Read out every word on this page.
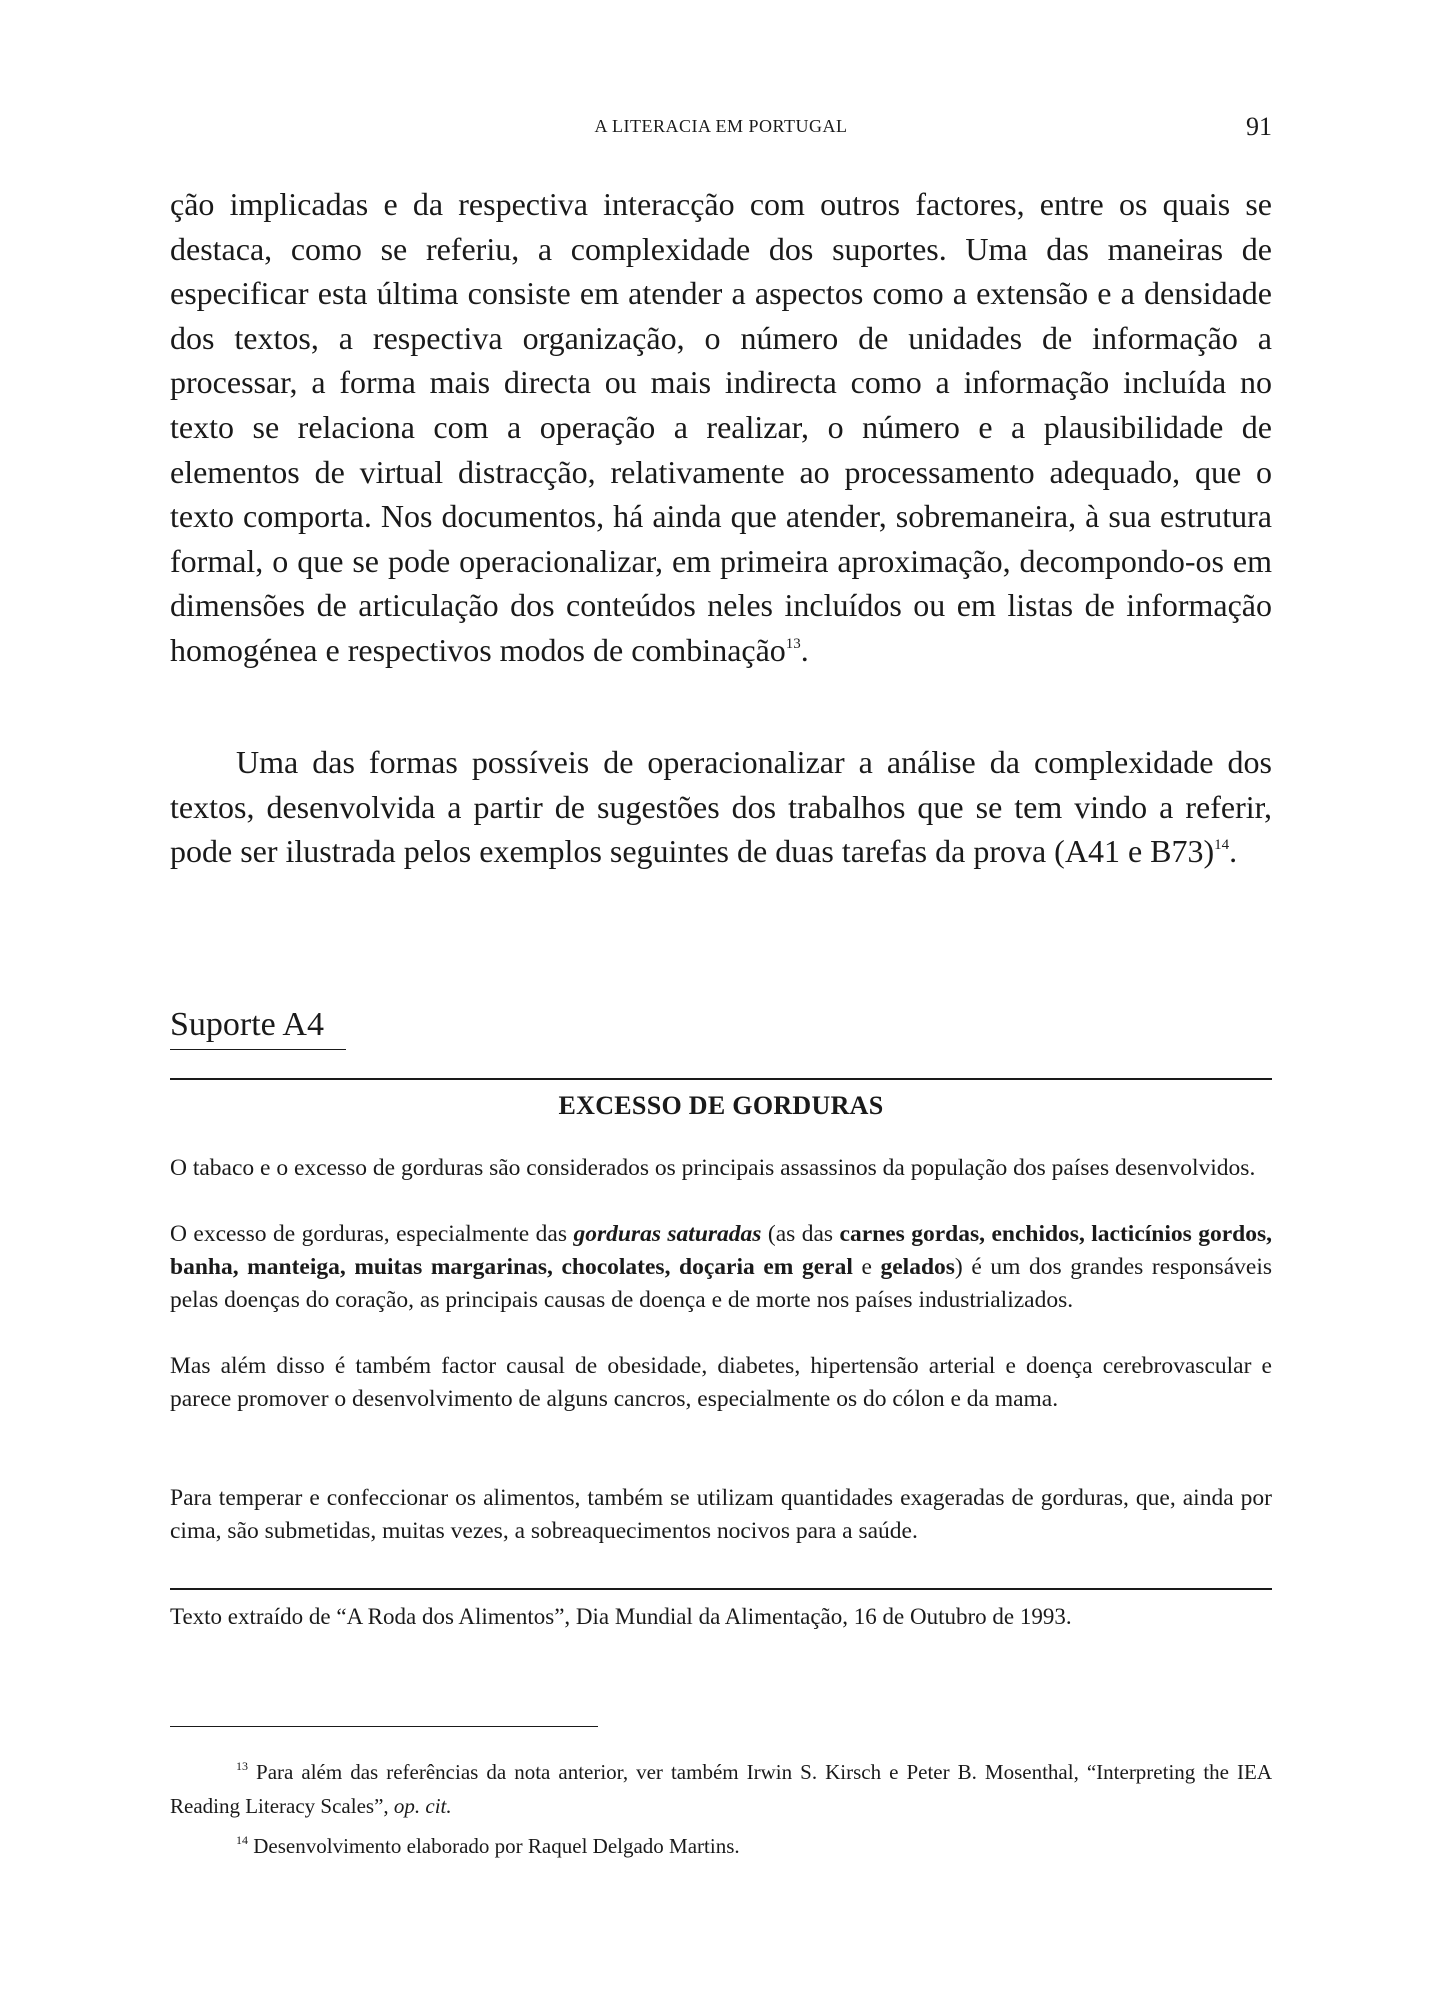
A LITERACIA EM PORTUGAL	91

ção implicadas e da respectiva interacção com outros factores, entre os quais se destaca, como se referiu, a complexidade dos suportes. Uma das maneiras de especificar esta última consiste em atender a aspectos como a extensão e a densidade dos textos, a respectiva organização, o número de unidades de informação a processar, a forma mais directa ou mais indirecta como a informação incluída no texto se relaciona com a operação a realizar, o número e a plausibilidade de elementos de virtual distracção, relativamente ao processamento adequado, que o texto comporta. Nos documentos, há ainda que atender, sobremaneira, à sua estrutura formal, o que se pode operacionalizar, em primeira aproximação, decompondo-os em dimensões de articulação dos conteúdos neles incluídos ou em listas de informação homogénea e respectivos modos de combinação$^{13}$.

Uma das formas possíveis de operacionalizar a análise da complexidade dos textos, desenvolvida a partir de sugestões dos trabalhos que se tem vindo a referir, pode ser ilustrada pelos exemplos seguintes de duas tarefas da prova (A41 e B73)$^{14}$.

Suporte A4
EXCESSO DE GORDURAS

O tabaco e o excesso de gorduras são considerados os principais assassinos da população dos países desenvolvidos.

O excesso de gorduras, especialmente das gorduras saturadas (as das carnes gordas, enchidos, lacticínios gordos, banha, manteiga, muitas margarinas, chocolates, doçaria em geral e gelados) é um dos grandes responsáveis pelas doenças do coração, as principais causas de doença e de morte nos países industrializados.

Mas além disso é também factor causal de obesidade, diabetes, hipertensão arterial e doença cerebrovascular e parece promover o desenvolvimento de alguns cancros, especialmente os do cólon e da mama.

Para temperar e confeccionar os alimentos, também se utilizam quantidades exageradas de gorduras, que, ainda por cima, são submetidas, muitas vezes, a sobreaquecimentos nocivos para a saúde.

Texto extraído de “A Roda dos Alimentos”, Dia Mundial da Alimentação, 16 de Outubro de 1993.

$^{13}$ Para além das referências da nota anterior, ver também Irwin S. Kirsch e Peter B. Mosenthal, “Interpreting the IEA Reading Literacy Scales”, op. cit.

$^{14}$ Desenvolvimento elaborado por Raquel Delgado Martins.
